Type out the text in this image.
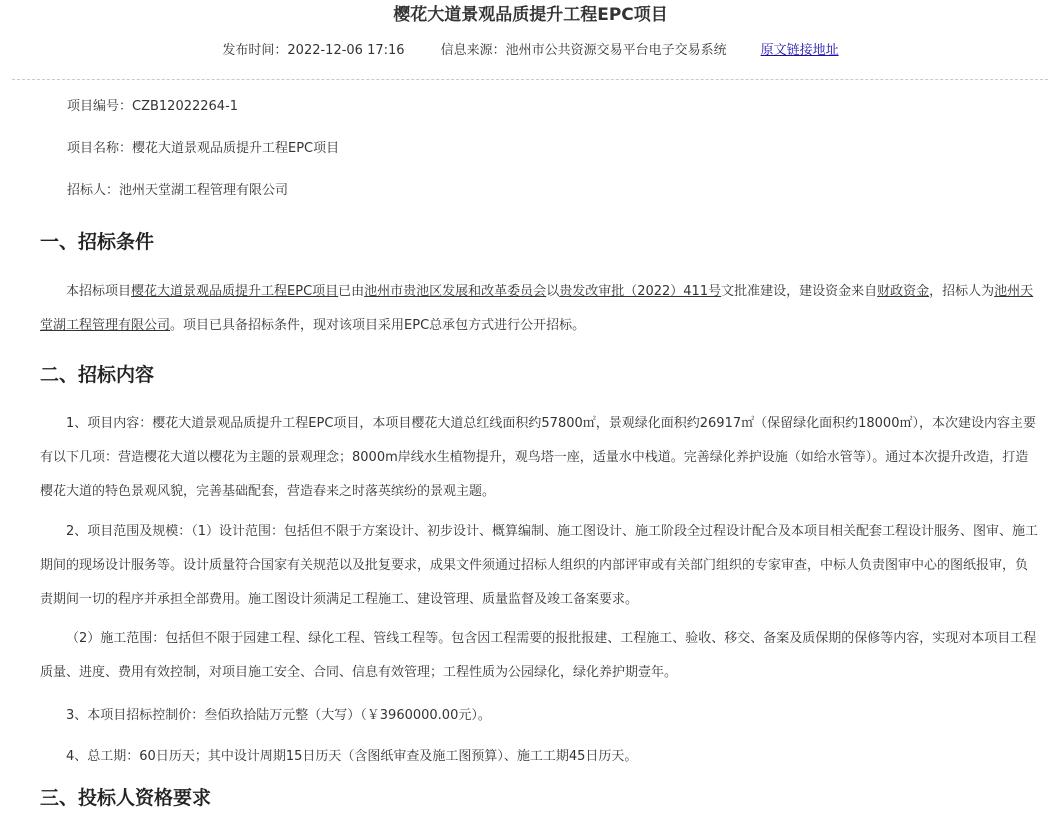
樱花大道景观品质提升工程EPC项目
发布时间：2022-12-06 17:16	信息来源：池州市公共资源交易平台电子交易系统	原文链接地址
项目编号：CZB12022264-1
项目名称：樱花大道景观品质提升工程EPC项目
招标人：池州天堂湖工程管理有限公司
一、招标条件

本招标项目樱花大道景观品质提升工程EPC项目已由池州市贵池区发展和改革委员会以贵发改审批（2022）411号文批准建设，建设资金来自财政资金，招标人为池州天堂湖工程管理有限公司。项目已具备招标条件，现对该项目采用EPC总承包方式进行公开招标。

二、招标内容

1、项目内容：樱花大道景观品质提升工程EPC项目，本项目樱花大道总红线面积约57800㎡，景观绿化面积约26917㎡（保留绿化面积约18000㎡），本次建设内容主要有以下几项：营造樱花大道以樱花为主题的景观理念；8000m岸线水生植物提升，观鸟塔一座，适量水中栈道。完善绿化养护设施（如给水管等）。通过本次提升改造，打造樱花大道的特色景观风貌，完善基础配套，营造春来之时落英缤纷的景观主题。

2、项目范围及规模：（1）设计范围：包括但不限于方案设计、初步设计、概算编制、施工图设计、施工阶段全过程设计配合及本项目相关配套工程设计服务、图审、施工期间的现场设计服务等。设计质量符合国家有关规范以及批复要求，成果文件须通过招标人组织的内部评审或有关部门组织的专家审查，中标人负责图审中心的图纸报审，负责期间一切的程序并承担全部费用。施工图设计须满足工程施工、建设管理、质量监督及竣工备案要求。

（2）施工范围：包括但不限于园建工程、绿化工程、管线工程等。包含因工程需要的报批报建、工程施工、验收、移交、备案及质保期的保修等内容，实现对本项目工程质量、进度、费用有效控制，对项目施工安全、合同、信息有效管理；工程性质为公园绿化，绿化养护期壹年。

3、本项目招标控制价：叁佰玖拾陆万元整（大写）（￥3960000.00元）。

4、总工期：60日历天；其中设计周期15日历天（含图纸审查及施工图预算）、施工工期45日历天。

三、投标人资格要求
